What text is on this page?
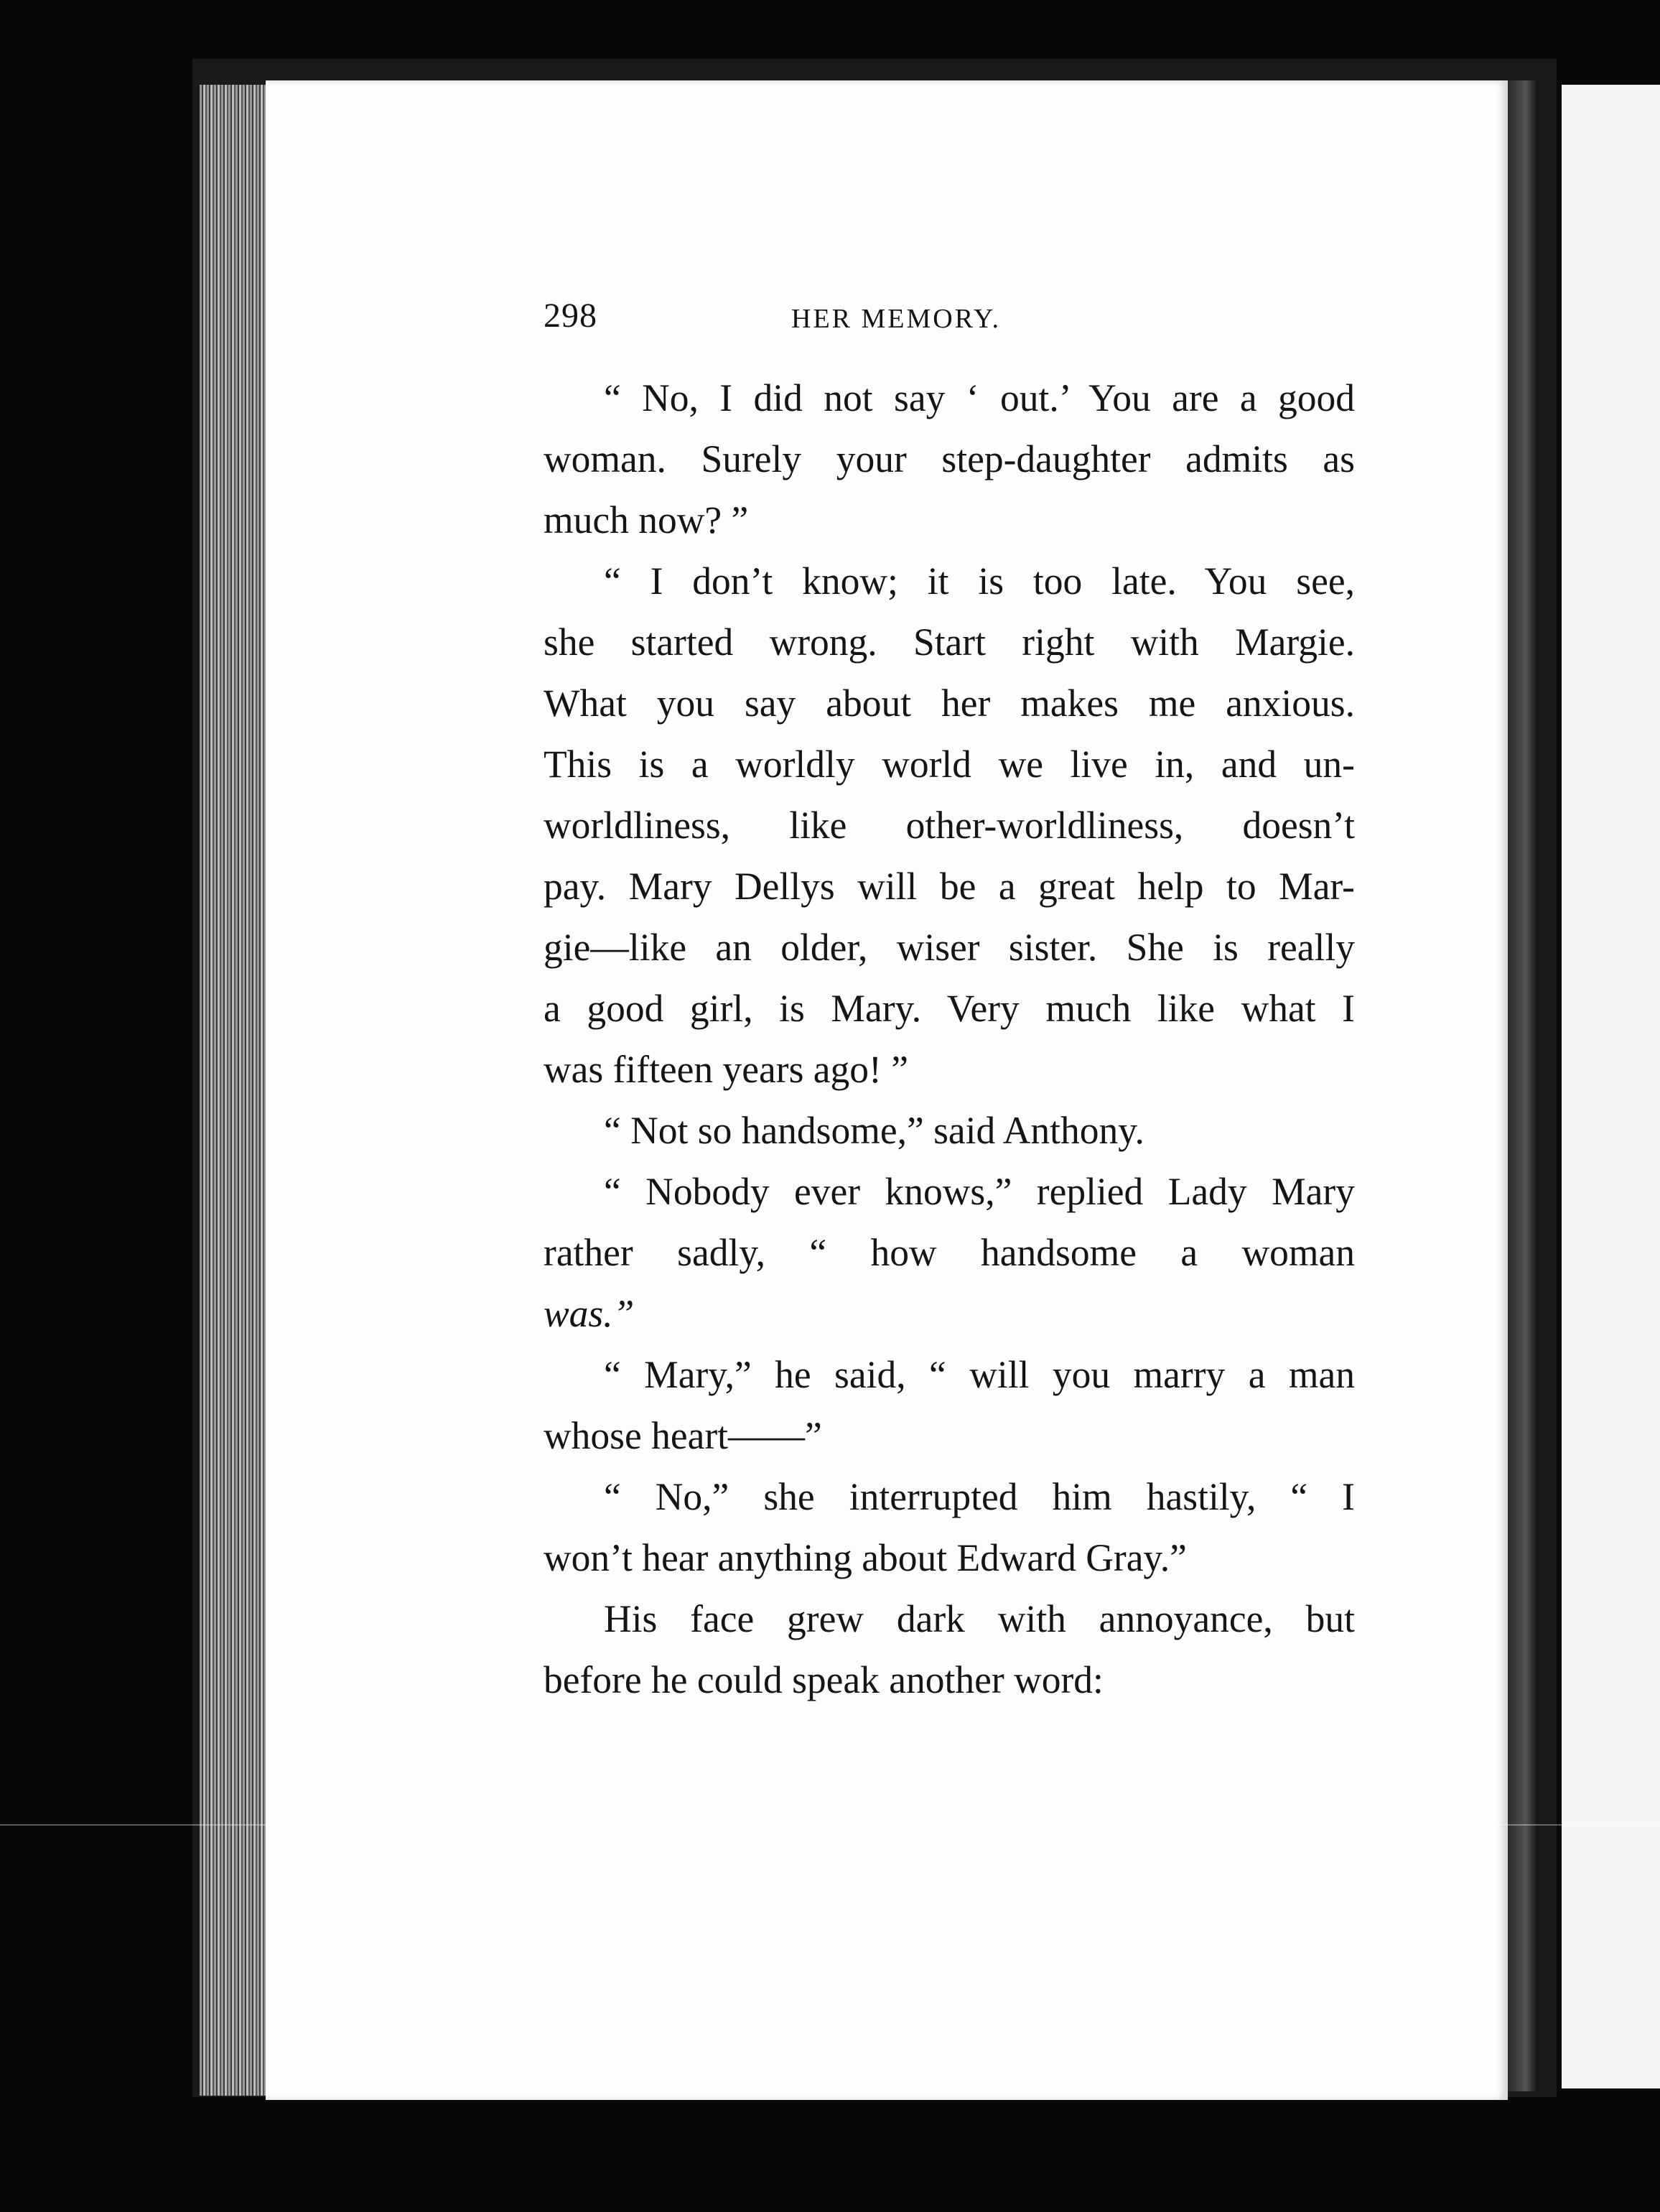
298	HER MEMORY.
“ No, I did not say ‘ out.’ You are a good
woman. Surely your step-daughter admits as
much now? ”
“ I don’t know; it is too late. You see,
she started wrong. Start right with Margie.
What you say about her makes me anxious.
This is a worldly world we live in, and un-
worldliness, like other-worldliness, doesn’t
pay. Mary Dellys will be a great help to Mar-
gie—like an older, wiser sister. She is really
a good girl, is Mary. Very much like what I
was fifteen years ago! ”
“ Not so handsome,” said Anthony.
“ Nobody ever knows,” replied Lady Mary
rather sadly, “ how handsome a woman
was.”
“ Mary,” he said, “ will you marry a man
whose heart——”
“ No,” she interrupted him hastily, “ I
won’t hear anything about Edward Gray.”
His face grew dark with annoyance, but
before he could speak another word:
